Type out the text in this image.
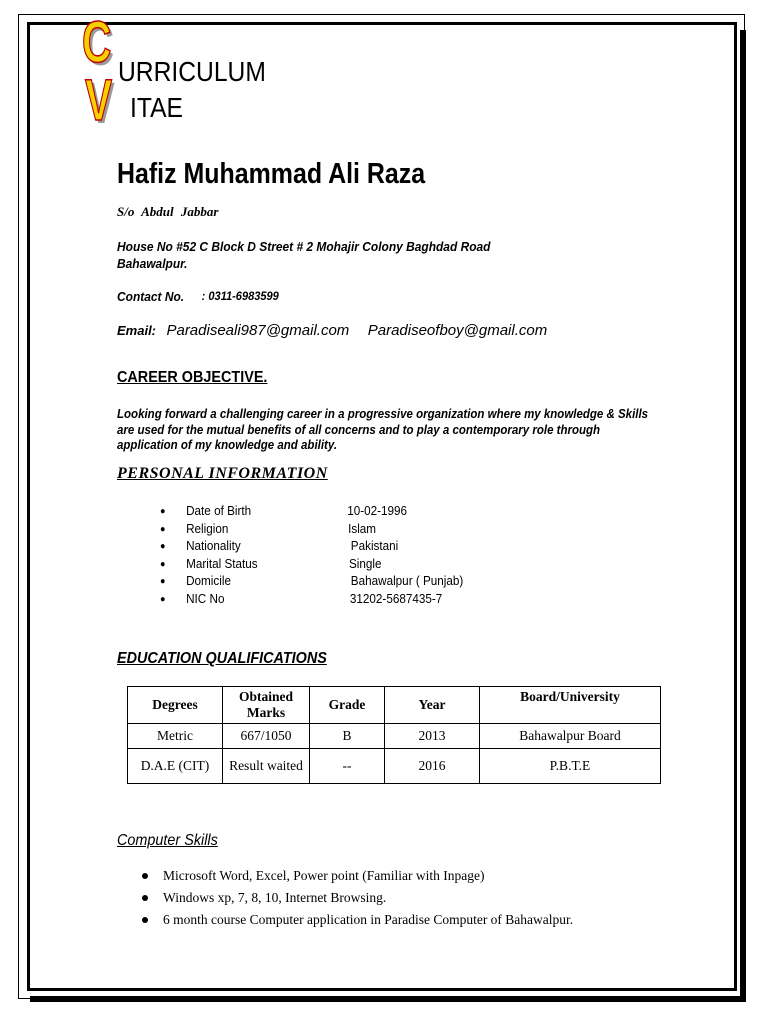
C
V URRICULUM
ITAE
Hafiz Muhammad Ali Raza
S/o Abdul Jabbar
House No #52 C Block D Street # 2 Mohajir Colony Baghdad Road
Bahawalpur.
Contact No. : 0311-6983599
Email: Paradiseali987@gmail.com Paradiseofboy@gmail.com
CAREER OBJECTIVE.
Looking forward a challenging career in a progressive organization where my knowledge & Skills are used for the mutual benefits of all concerns and to play a contemporary role through application of my knowledge and ability.
PERSONAL INFORMATION
● Date of Birth	10-02-1996
● Religion	Islam
● Nationality	Pakistani
● Marital Status	Single
● Domicile	Bahawalpur ( Punjab)
● NIC No	31202-5687435-7
EDUCATION QUALIFICATIONS
Degrees	Obtained Marks	Grade	Year	Board/University
Metric	667/1050	B	2013	Bahawalpur Board
D.A.E (CIT)	Result waited	--	2016	P.B.T.E
Computer Skills
Microsoft Word, Excel, Power point (Familiar with Inpage)
Windows xp, 7, 8, 10, Internet Browsing.
6 month course Computer application in Paradise Computer of Bahawalpur.
